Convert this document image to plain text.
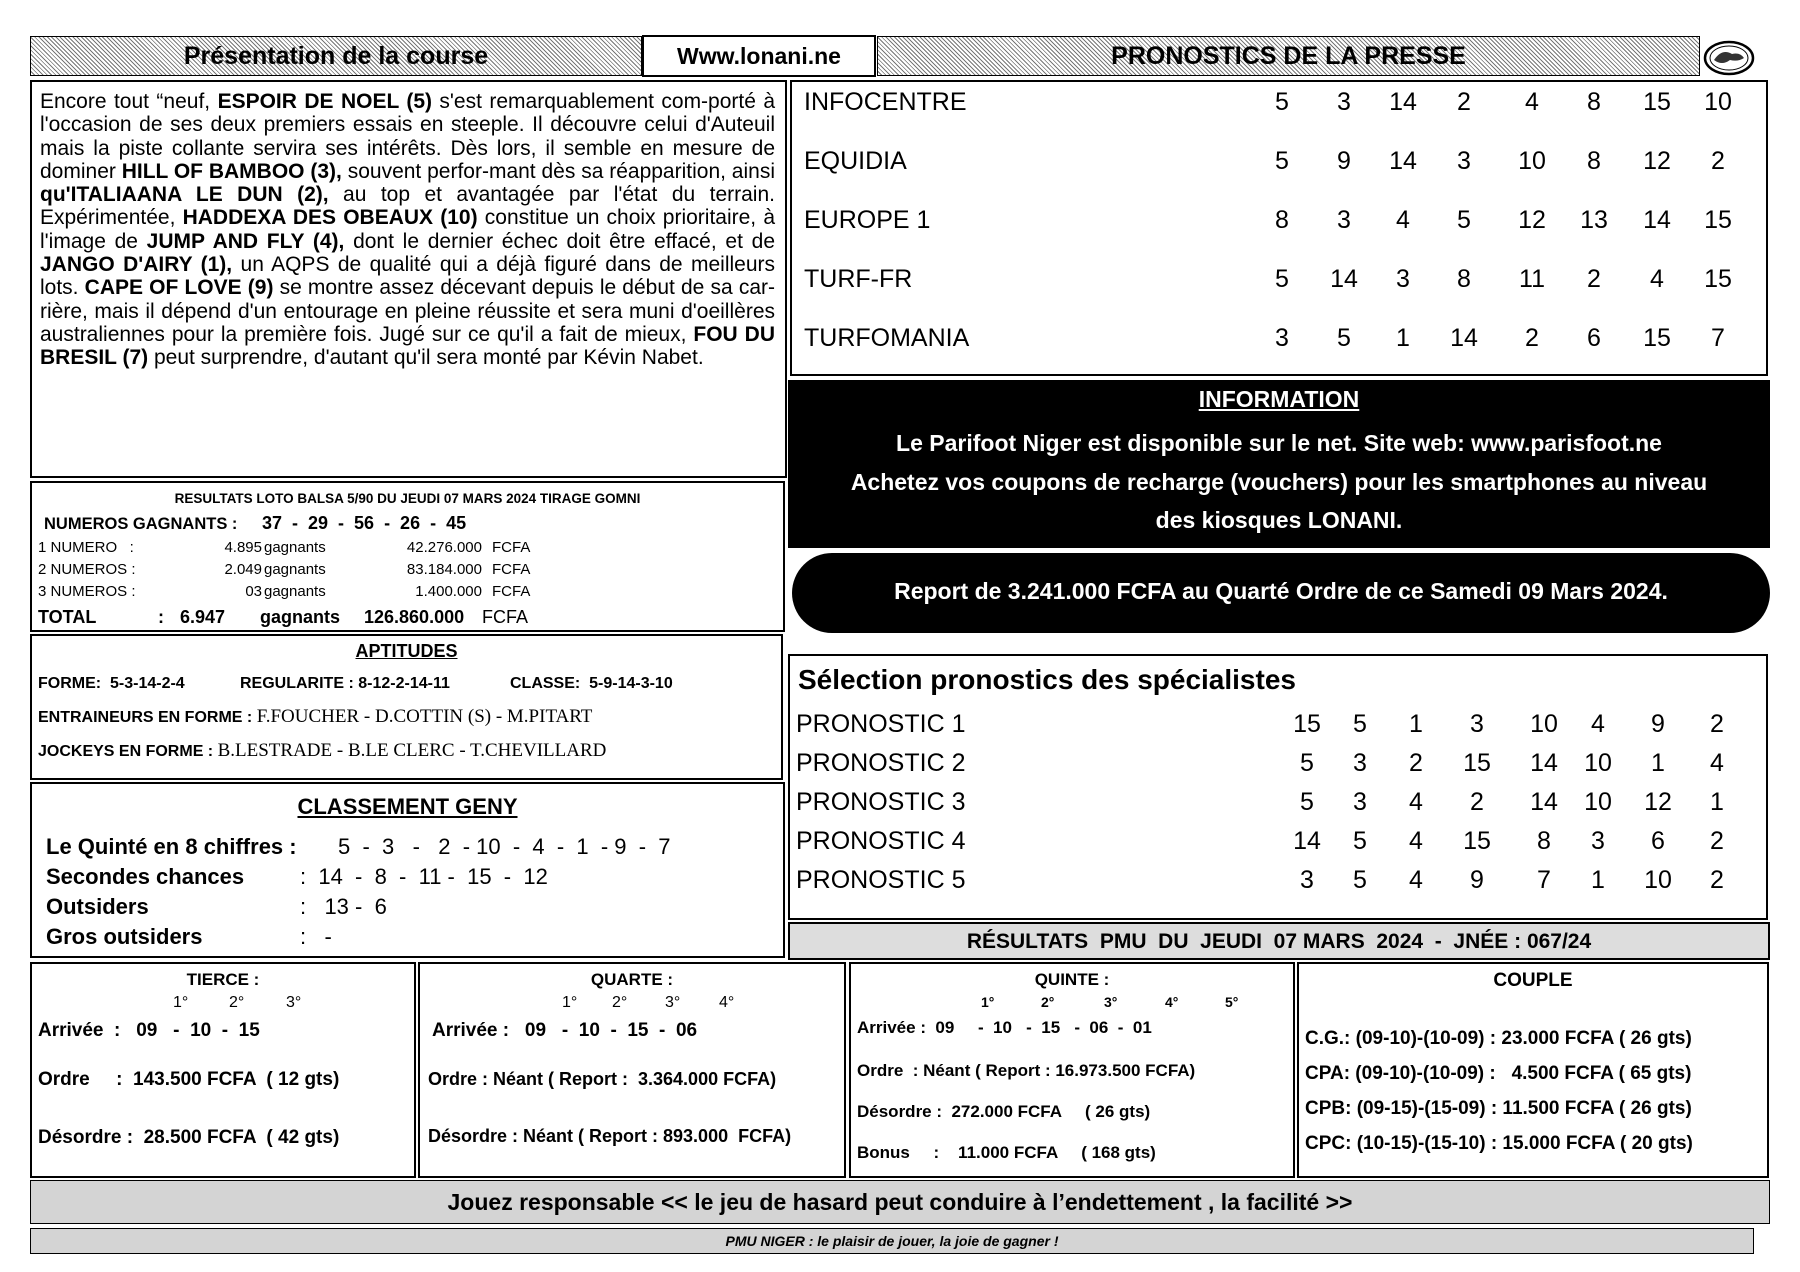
Présentation de la course	Www.lonani.ne	PRONOSTICS DE LA PRESSE
Encore tout “neuf, ESPOIR DE NOEL (5) s'est remarquablement com-porté à l'occasion de ses deux premiers essais en steeple. Il découvre celui d'Auteuil mais la piste collante servira ses intérêts. Dès lors, il semble en mesure de dominer HILL OF BAMBOO (3), souvent perfor-mant dès sa réapparition, ainsi qu'ITALIAANA LE DUN (2), au top et avantagée par l'état du terrain. Expérimentée, HADDEXA DES OBEAUX (10) constitue un choix prioritaire, à l'image de JUMP AND FLY (4), dont le dernier échec doit être effacé, et de JANGO D'AIRY (1), un AQPS de qualité qui a déjà figuré dans de meilleurs lots. CAPE OF LOVE (9) se montre assez décevant depuis le début de sa car-rière, mais il dépend d'un entourage en pleine réussite et sera muni d'oeillères australiennes pour la première fois. Jugé sur ce qu'il a fait de mieux, FOU DU BRESIL (7) peut surprendre, d'autant qu'il sera monté par Kévin Nabet.
INFOCENTRE	5	3	14	2	4	8	15	10
EQUIDIA	5	9	14	3	10	8	12	2
EUROPE 1	8	3	4	5	12	13	14	15
TURF-FR	5	14	3	8	11	2	4	15
TURFOMANIA	3	5	1	14	2	6	15	7
INFORMATION
Le Parifoot Niger est disponible sur le net. Site web: www.parisfoot.ne
Achetez vos coupons de recharge (vouchers) pour les smartphones au niveau
des kiosques LONANI.
Report de 3.241.000 FCFA au Quarté Ordre de ce Samedi 09 Mars 2024.
RESULTATS LOTO BALSA 5/90 DU JEUDI 07 MARS 2024 TIRAGE GOMNI
NUMEROS GAGNANTS : 37  -  29  -  56  -  26  -  45
1 NUMERO   :	4.895 gagnants	42.276.000 FCFA
2 NUMEROS :	2.049 gagnants	83.184.000 FCFA
3 NUMEROS :	03 gagnants	1.400.000 FCFA
TOTAL	: 6.947 gagnants 126.860.000 FCFA
APTITUDES
FORME: 5-3-14-2-4	REGULARITE : 8-12-2-14-11	CLASSE: 5-9-14-3-10
ENTRAINEURS EN FORME : F.FOUCHER - D.COTTIN (S) - M.PITART
JOCKEYS EN FORME : B.LESTRADE - B.LE CLERC - T.CHEVILLARD
CLASSEMENT GENY
Le Quinté en 8 chiffres : 5  -  3   -   2  - 10  -  4  -  1  - 9  -  7
Secondes chances	:  14  -  8  -  11 -  15  -  12
Outsiders	:   13 -  6
Gros outsiders	:   -
Sélection pronostics des spécialistes
PRONOSTIC 1	15	5	1	3	10	4	9	2
PRONOSTIC 2	5	3	2	15	14	10	1	4
PRONOSTIC 3	5	3	4	2	14	10	12	1
PRONOSTIC 4	14	5	4	15	8	3	6	2
PRONOSTIC 5	3	5	4	9	7	1	10	2
RÉSULTATS  PMU  DU  JEUDI  07 MARS  2024  -  JNÉE : 067/24
TIERCE :
1°	2°	3°
Arrivée  :   09   -  10  -  15
Ordre     :  143.500 FCFA  ( 12 gts)
Désordre :  28.500 FCFA  ( 42 gts)
QUARTE :
1° 2° 3° 4°
Arrivée :   09   -  10  -  15  -  06
Ordre : Néant ( Report :  3.364.000 FCFA)
Désordre : Néant ( Report : 893.000  FCFA)
QUINTE :
1°	2°	3°	4°	5°
Arrivée :  09     -  10   -  15   -  06  -  01
Ordre  : Néant ( Report : 16.973.500 FCFA)
Désordre :  272.000 FCFA     ( 26 gts)
Bonus     :    11.000 FCFA     ( 168 gts)
COUPLE
C.G.: (09-10)-(10-09) : 23.000 FCFA ( 26 gts)
CPA: (09-10)-(10-09) :   4.500 FCFA ( 65 gts)
CPB: (09-15)-(15-09) : 11.500 FCFA ( 26 gts)
CPC: (10-15)-(15-10) : 15.000 FCFA ( 20 gts)
Jouez responsable << le jeu de hasard peut conduire à l’endettement , la facilité >>
PMU NIGER : le plaisir de jouer, la joie de gagner !
